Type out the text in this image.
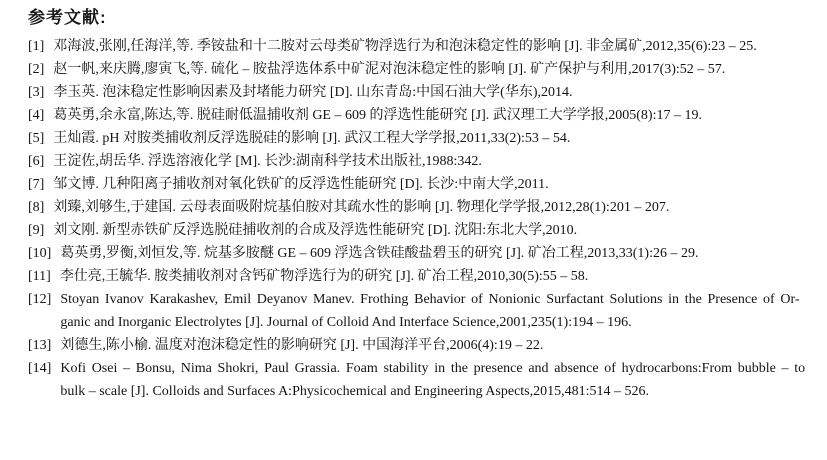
参考文献:
[1] 邓海波,张刚,任海洋,等. 季铵盐和十二胺对云母类矿物浮选行为和泡沫稳定性的影响 [J]. 非金属矿,2012,35(6):23 – 25.
[2] 赵一帆,来庆腾,廖寅飞,等. 硫化 – 胺盐浮选体系中矿泥对泡沫稳定性的影响 [J]. 矿产保护与利用,2017(3):52 – 57.
[3] 李玉英. 泡沫稳定性影响因素及封堵能力研究 [D]. 山东青岛:中国石油大学(华东),2014.
[4] 葛英勇,余永富,陈达,等. 脱硅耐低温捕收剂 GE – 609 的浮选性能研究 [J]. 武汉理工大学学报,2005(8):17 – 19.
[5] 王灿霞. pH 对胺类捕收剂反浮选脱硅的影响 [J]. 武汉工程大学学报,2011,33(2):53 – 54.
[6] 王淀佐,胡岳华. 浮选溶液化学 [M]. 长沙:湖南科学技术出版社,1988:342.
[7] 邹文博. 几种阳离子捕收剂对氧化铁矿的反浮选性能研究 [D]. 长沙:中南大学,2011.
[8] 刘臻,刘够生,于建国. 云母表面吸附烷基伯胺对其疏水性的影响 [J]. 物理化学学报,2012,28(1):201 – 207.
[9] 刘文刚. 新型赤铁矿反浮选脱硅捕收剂的合成及浮选性能研究 [D]. 沈阳:东北大学,2010.
[10] 葛英勇,罗衡,刘恒发,等. 烷基多胺醚 GE – 609 浮选含铁硅酸盐碧玉的研究 [J]. 矿冶工程,2013,33(1):26 – 29.
[11] 李仕亮,王毓华. 胺类捕收剂对含钙矿物浮选行为的研究 [J]. 矿冶工程,2010,30(5):55 – 58.
[12] Stoyan Ivanov Karakashev, Emil Deyanov Manev. Frothing Behavior of Nonionic Surfactant Solutions in the Presence of Or-
ganic and Inorganic Electrolytes [J]. Journal of Colloid And Interface Science,2001,235(1):194 – 196.
[13] 刘德生,陈小榆. 温度对泡沫稳定性的影响研究 [J]. 中国海洋平台,2006(4):19 – 22.
[14] Kofi Osei – Bonsu, Nima Shokri, Paul Grassia. Foam stability in the presence and absence of hydrocarbons:From bubble – to
bulk – scale [J]. Colloids and Surfaces A:Physicochemical and Engineering Aspects,2015,481:514 – 526.
